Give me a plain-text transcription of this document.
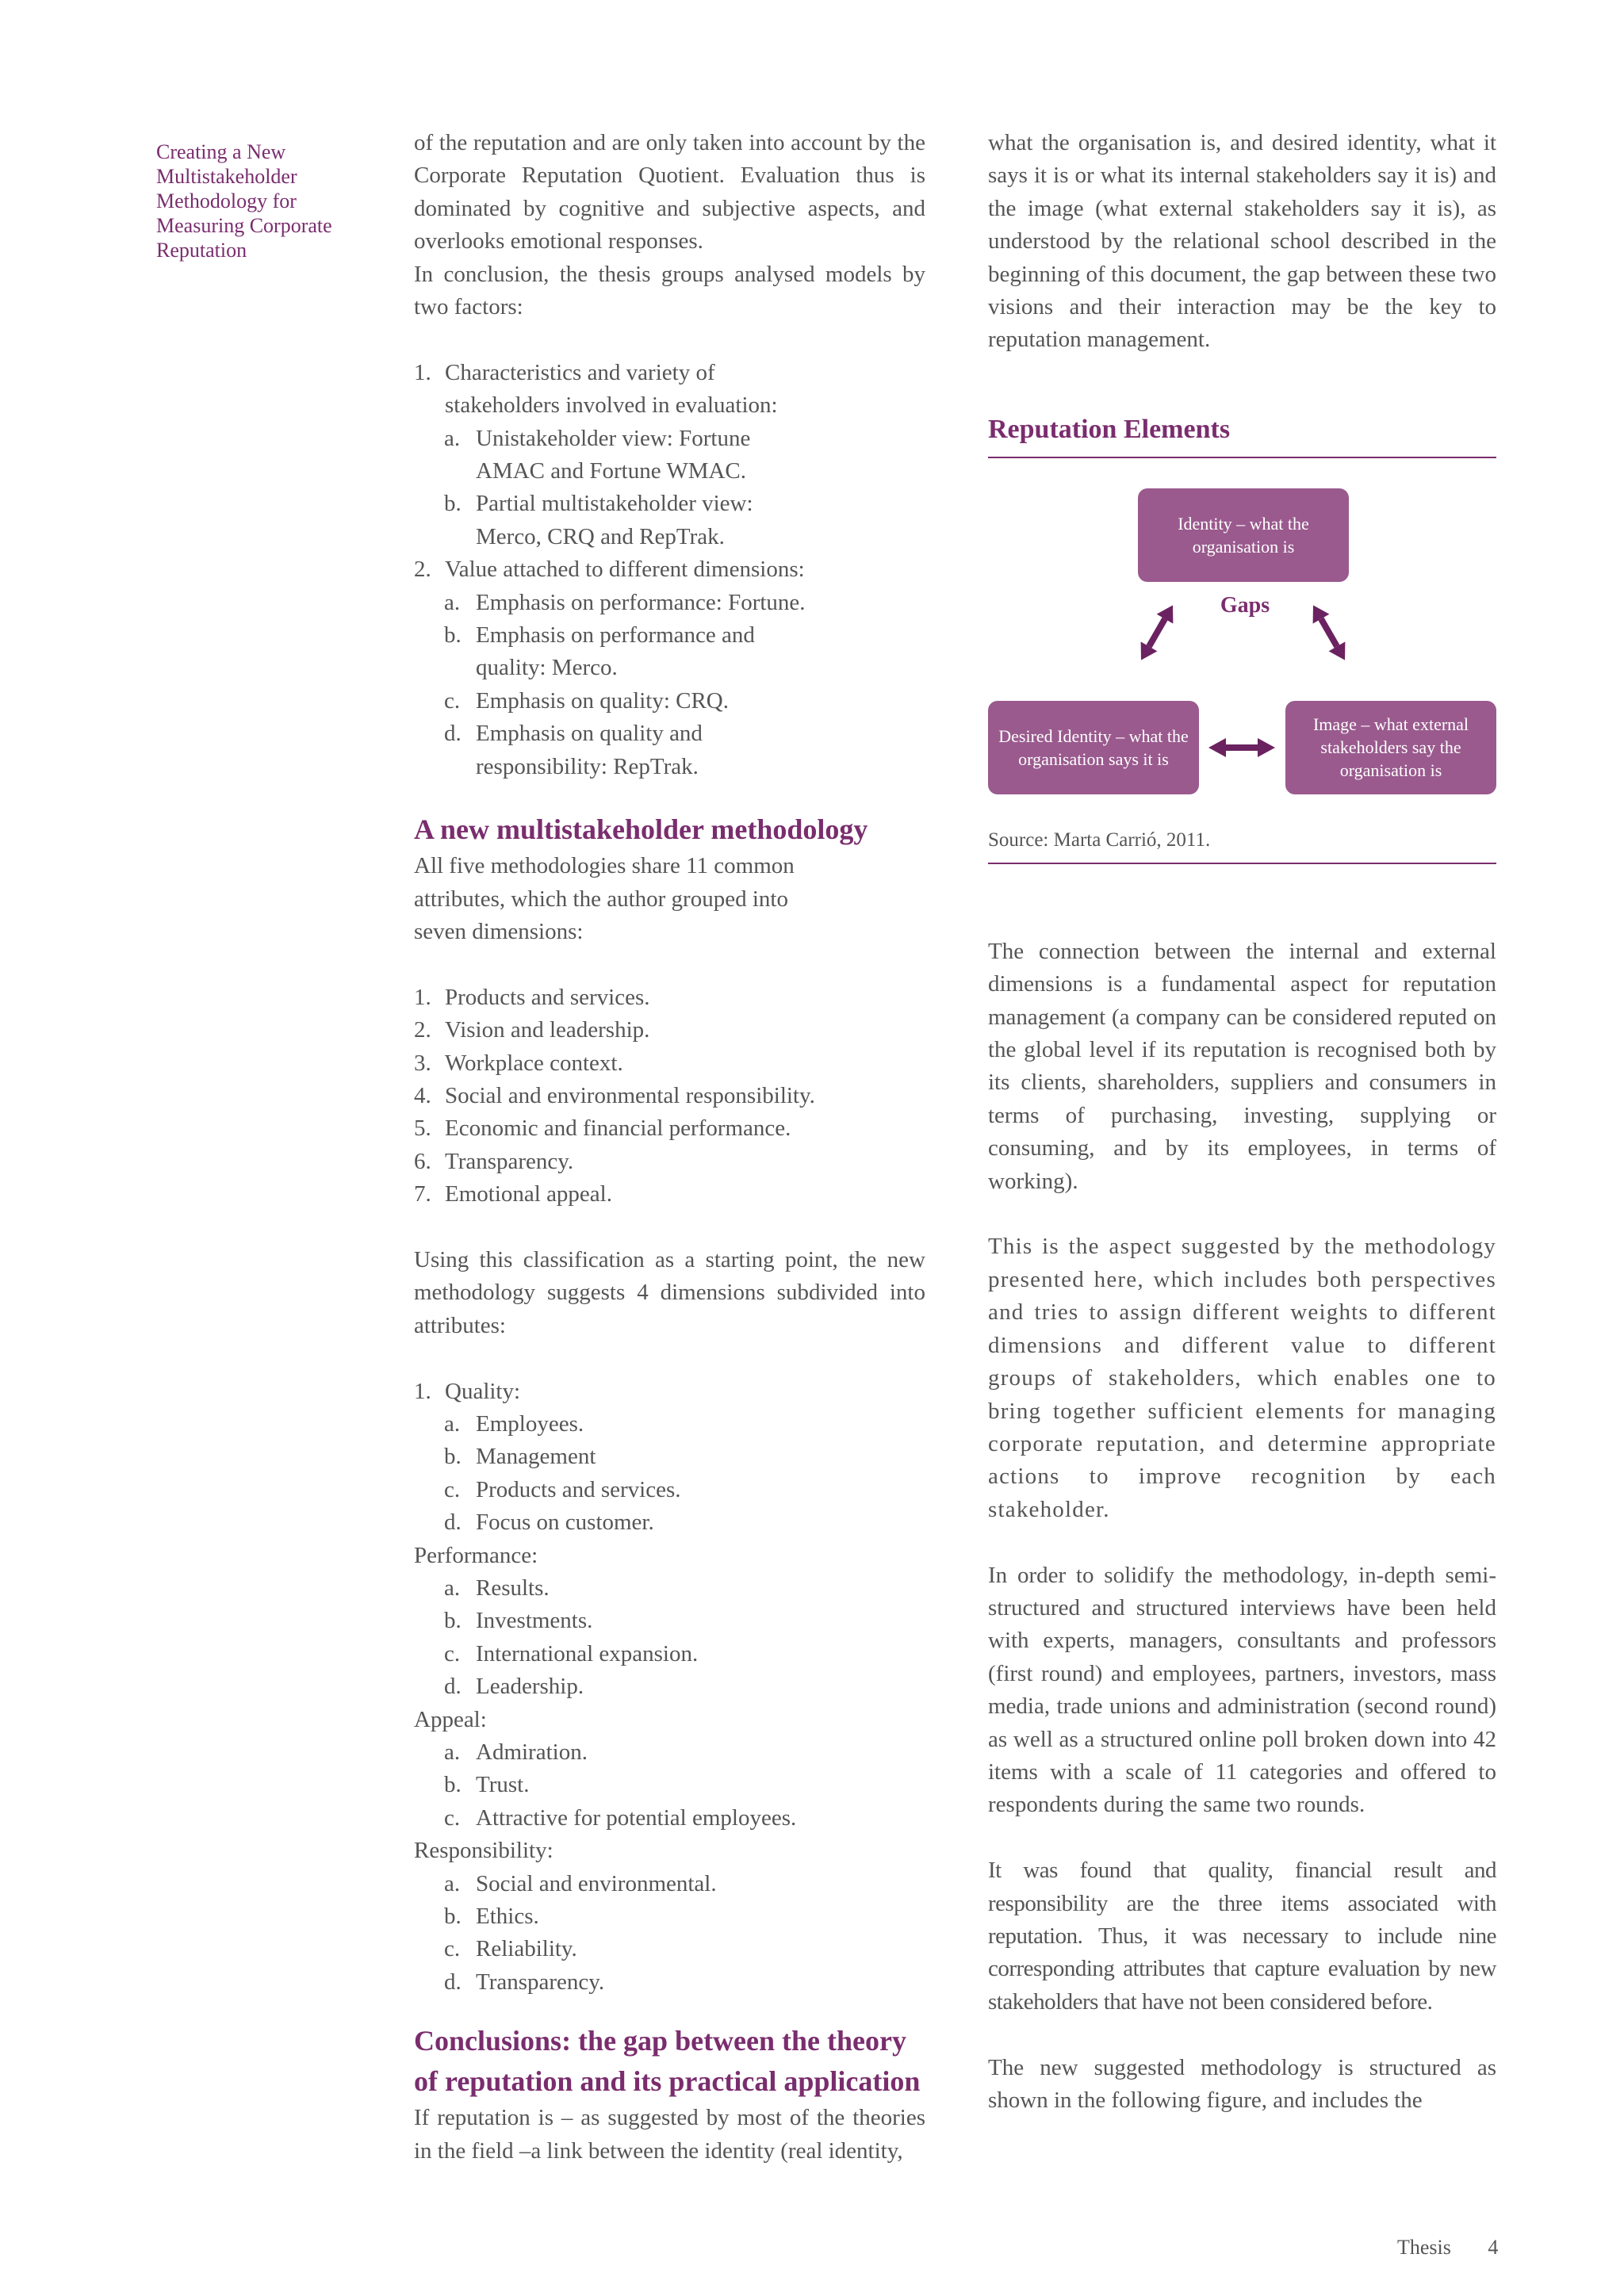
Creating a New
Multistakeholder
Methodology for
Measuring Corporate
Reputation

of the reputation and are only taken into account by the Corporate Reputation Quotient. Evaluation thus is dominated by cognitive and subjective aspects, and overlooks emotional responses.

In conclusion, the thesis groups analysed models by two factors:

1. Characteristics and variety of stakeholders involved in evaluation:
a. Unistakeholder view: Fortune AMAC and Fortune WMAC.
b. Partial multistakeholder view: Merco, CRQ and RepTrak.
2. Value attached to different dimensions:
a. Emphasis on performance: Fortune.
b. Emphasis on performance and quality: Merco.
c. Emphasis on quality: CRQ.
d. Emphasis on quality and responsibility: RepTrak.
A new multistakeholder methodology

All five methodologies share 11 common attributes, which the author grouped into seven dimensions:

1. Products and services.
2. Vision and leadership.
3. Workplace context.
4. Social and environmental responsibility.
5. Economic and financial performance.
6. Transparency.
7. Emotional appeal.

Using this classification as a starting point, the new methodology suggests 4 dimensions subdivided into attributes:

1. Quality:
a. Employees.
b. Management
c. Products and services.
d. Focus on customer.
Performance:
a. Results.
b. Investments.
c. International expansion.
d. Leadership.
Appeal:
a. Admiration.
b. Trust.
c. Attractive for potential employees.
Responsibility:
a. Social and environmental.
b. Ethics.
c. Reliability.
d. Transparency.
Conclusions: the gap between the theory of reputation and its practical application

If reputation is – as suggested by most of the theories in the field –a link between the identity (real identity,

what the organisation is, and desired identity, what it says it is or what its internal stakeholders say it is) and the image (what external stakeholders say it is), as understood by the relational school described in the beginning of this document, the gap between these two visions and their interaction may be the key to reputation management.

Reputation Elements
Identity – what the organisation is
Gaps
Desired Identity – what the organisation says it is
Image – what external stakeholders say the organisation is
Source: Marta Carrió, 2011.

The connection between the internal and external dimensions is a fundamental aspect for reputation management (a company can be considered reputed on the global level if its reputation is recognised both by its clients, shareholders, suppliers and consumers in terms of purchasing, investing, supplying or consuming, and by its employees, in terms of working).

This is the aspect suggested by the methodology presented here, which includes both perspectives and tries to assign different weights to different dimensions and different value to different groups of stakeholders, which enables one to bring together sufficient elements for managing corporate reputation, and determine appropriate actions to improve recognition by each stakeholder.

In order to solidify the methodology, in-depth semi-structured and structured interviews have been held with experts, managers, consultants and professors (first round) and employees, partners, investors, mass media, trade unions and administration (second round) as well as a structured online poll broken down into 42 items with a scale of 11 categories and offered to respondents during the same two rounds.

It was found that quality, financial result and responsibility are the three items associated with reputation. Thus, it was necessary to include nine corresponding attributes that capture evaluation by new stakeholders that have not been considered before.

The new suggested methodology is structured as shown in the following figure, and includes the

Thesis 4
